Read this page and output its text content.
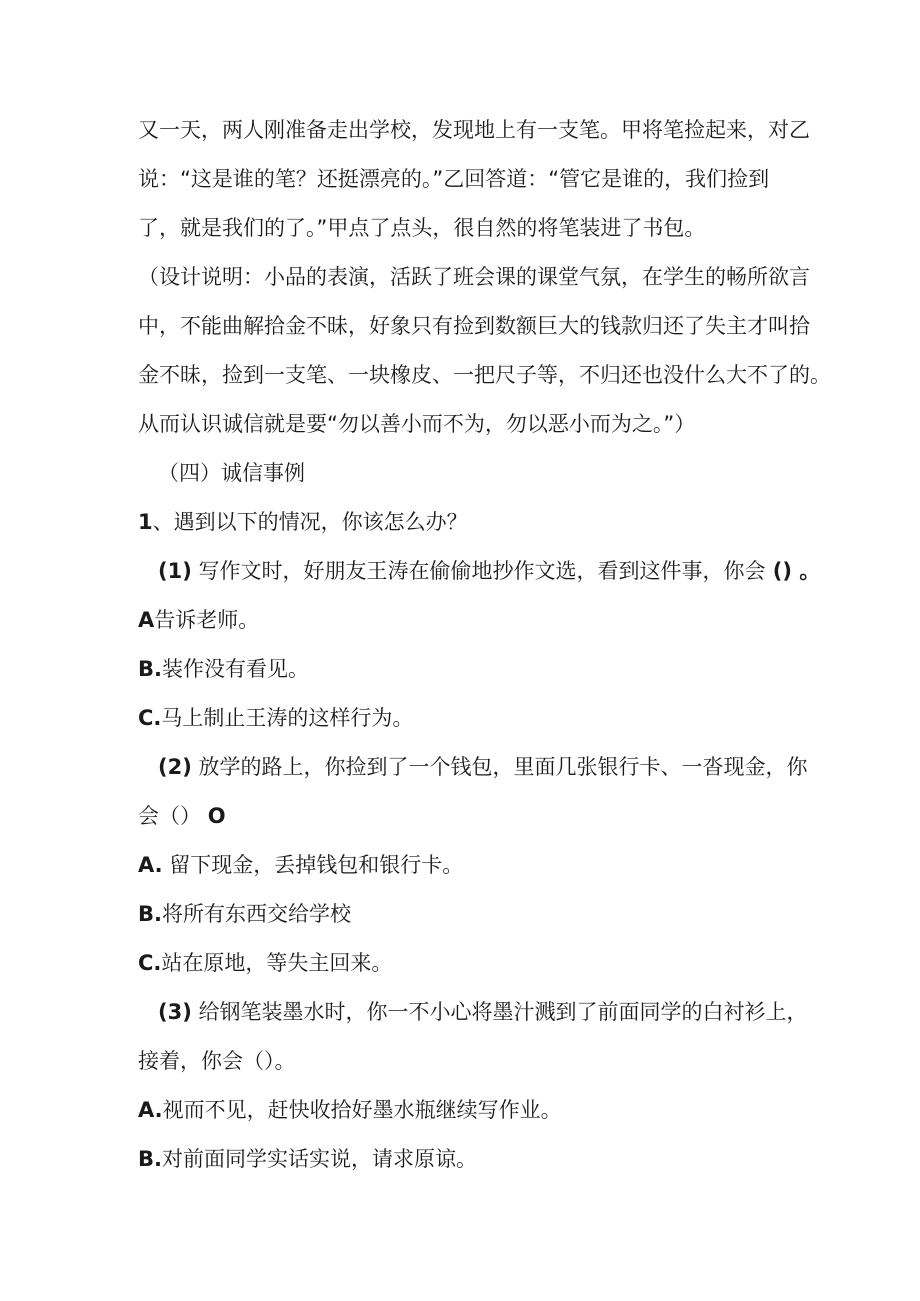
又一天，两人刚准备走出学校，发现地上有一支笔。甲将笔捡起来，对乙
说：“这是谁的笔？还挺漂亮的。”乙回答道：“管它是谁的，我们捡到
了，就是我们的了。”甲点了点头，很自然的将笔装进了书包。
（设计说明：小品的表演，活跃了班会课的课堂气氛，在学生的畅所欲言
中，不能曲解拾金不昧，好象只有捡到数额巨大的钱款归还了失主才叫拾
金不昧，捡到一支笔、一块橡皮、一把尺子等，不归还也没什么大不了的。
从而认识诚信就是要“勿以善小而不为，勿以恶小而为之。”）
（四）诚信事例
1、遇到以下的情况，你该怎么办？
(1) 写作文时，好朋友王涛在偷偷地抄作文选，看到这件事，你会 () 。
A告诉老师。
B.装作没有看见。
C.马上制止王涛的这样行为。
(2) 放学的路上，你捡到了一个钱包，里面几张银行卡、一沓现金，你
会（） O
A. 留下现金，丢掉钱包和银行卡。
B.将所有东西交给学校
C.站在原地，等失主回来。
(3) 给钢笔装墨水时，你一不小心将墨汁溅到了前面同学的白衬衫上，
接着，你会（）。
A.视而不见，赶快收拾好墨水瓶继续写作业。
B.对前面同学实话实说，请求原谅。
